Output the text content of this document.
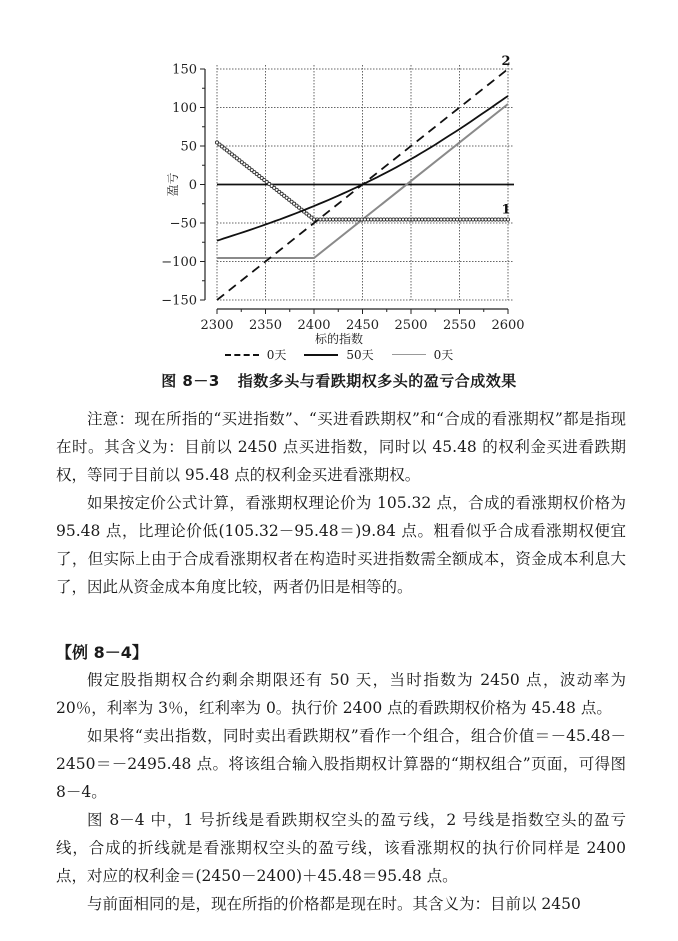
150
100
50
0
−50
−100
−150
2300 2350 2400 2450 2500 2550 2600
盈亏
2
1
标的指数
0天	50天	0天
图 8－3 指数多头与看跌期权多头的盈亏合成效果

注意：现在所指的“买进指数”、“买进看跌期权”和“合成的看涨期权”都是指现在时。其含义为：目前以 2450 点买进指数，同时以 45.48 的权利金买进看跌期权，等同于目前以 95.48 点的权利金买进看涨期权。

如果按定价公式计算，看涨期权理论价为 105.32 点，合成的看涨期权价格为 95.48 点，比理论价低(105.32－95.48＝)9.84 点。粗看似乎合成看涨期权便宜了，但实际上由于合成看涨期权者在构造时买进指数需全额成本，资金成本利息大了，因此从资金成本角度比较，两者仍旧是相等的。

【例 8－4】

假定股指期权合约剩余期限还有 50 天，当时指数为 2450 点，波动率为 20％，利率为 3％，红利率为 0。执行价 2400 点的看跌期权价格为 45.48 点。

如果将“卖出指数，同时卖出看跌期权”看作一个组合，组合价值＝－45.48－2450＝－2495.48 点。将该组合输入股指期权计算器的“期权组合”页面，可得图 8－4。

图 8－4 中，1 号折线是看跌期权空头的盈亏线，2 号线是指数空头的盈亏线，合成的折线就是看涨期权空头的盈亏线，该看涨期权的执行价同样是 2400 点，对应的权利金＝(2450－2400)＋45.48＝95.48 点。

与前面相同的是，现在所指的价格都是现在时。其含义为：目前以 2450
